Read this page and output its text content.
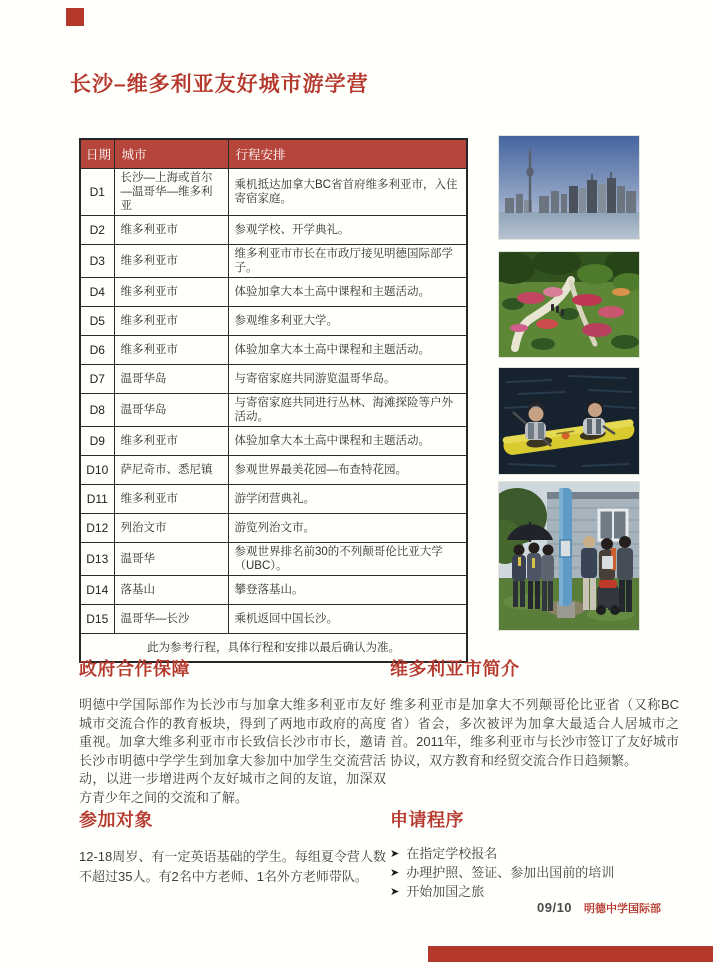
长沙–维多利亚友好城市游学营
日期	城市	行程安排
D1	长沙—上海或首尔—温哥华—维多利亚	乘机抵达加拿大BC省首府维多利亚市，入住寄宿家庭。
D2	维多利亚市	参观学校、开学典礼。
D3	维多利亚市	维多利亚市市长在市政厅接见明德国际部学子。
D4	维多利亚市	体验加拿大本土高中课程和主题活动。
D5	维多利亚市	参观维多利亚大学。
D6	维多利亚市	体验加拿大本土高中课程和主题活动。
D7	温哥华岛	与寄宿家庭共同游览温哥华岛。
D8	温哥华岛	与寄宿家庭共同进行丛林、海滩探险等户外活动。
D9	维多利亚市	体验加拿大本土高中课程和主题活动。
D10	萨尼奇市、悉尼镇	参观世界最美花园—布查特花园。
D11	维多利亚市	游学闭营典礼。
D12	列治文市	游览列治文市。
D13	温哥华	参观世界排名前30的不列颠哥伦比亚大学（UBC）。
D14	落基山	攀登落基山。
D15	温哥华—长沙	乘机返回中国长沙。
此为参考行程，具体行程和安排以最后确认为准。		
政府合作保障

明德中学国际部作为长沙市与加拿大维多利亚市友好城市交流合作的教育板块，得到了两地市政府的高度重视。加拿大维多利亚市市长致信长沙市市长，邀请长沙市明德中学学生到加拿大参加中加学生交流营活动，以进一步增进两个友好城市之间的友谊，加深双方青少年之间的交流和了解。

维多利亚市简介

维多利亚市是加拿大不列颠哥伦比亚省（又称BC省）省会，多次被评为加拿大最适合人居城市之首。2011年，维多利亚市与长沙市签订了友好城市协议，双方教育和经贸交流合作日趋频繁。

参加对象

12-18周岁、有一定英语基础的学生。每组夏令营人数不超过35人。有2名中方老师、1名外方老师带队。

申请程序
➤ 在指定学校报名
➤ 办理护照、签证、参加出国前的培训
➤ 开始加国之旅
09/10 明德中学国际部
